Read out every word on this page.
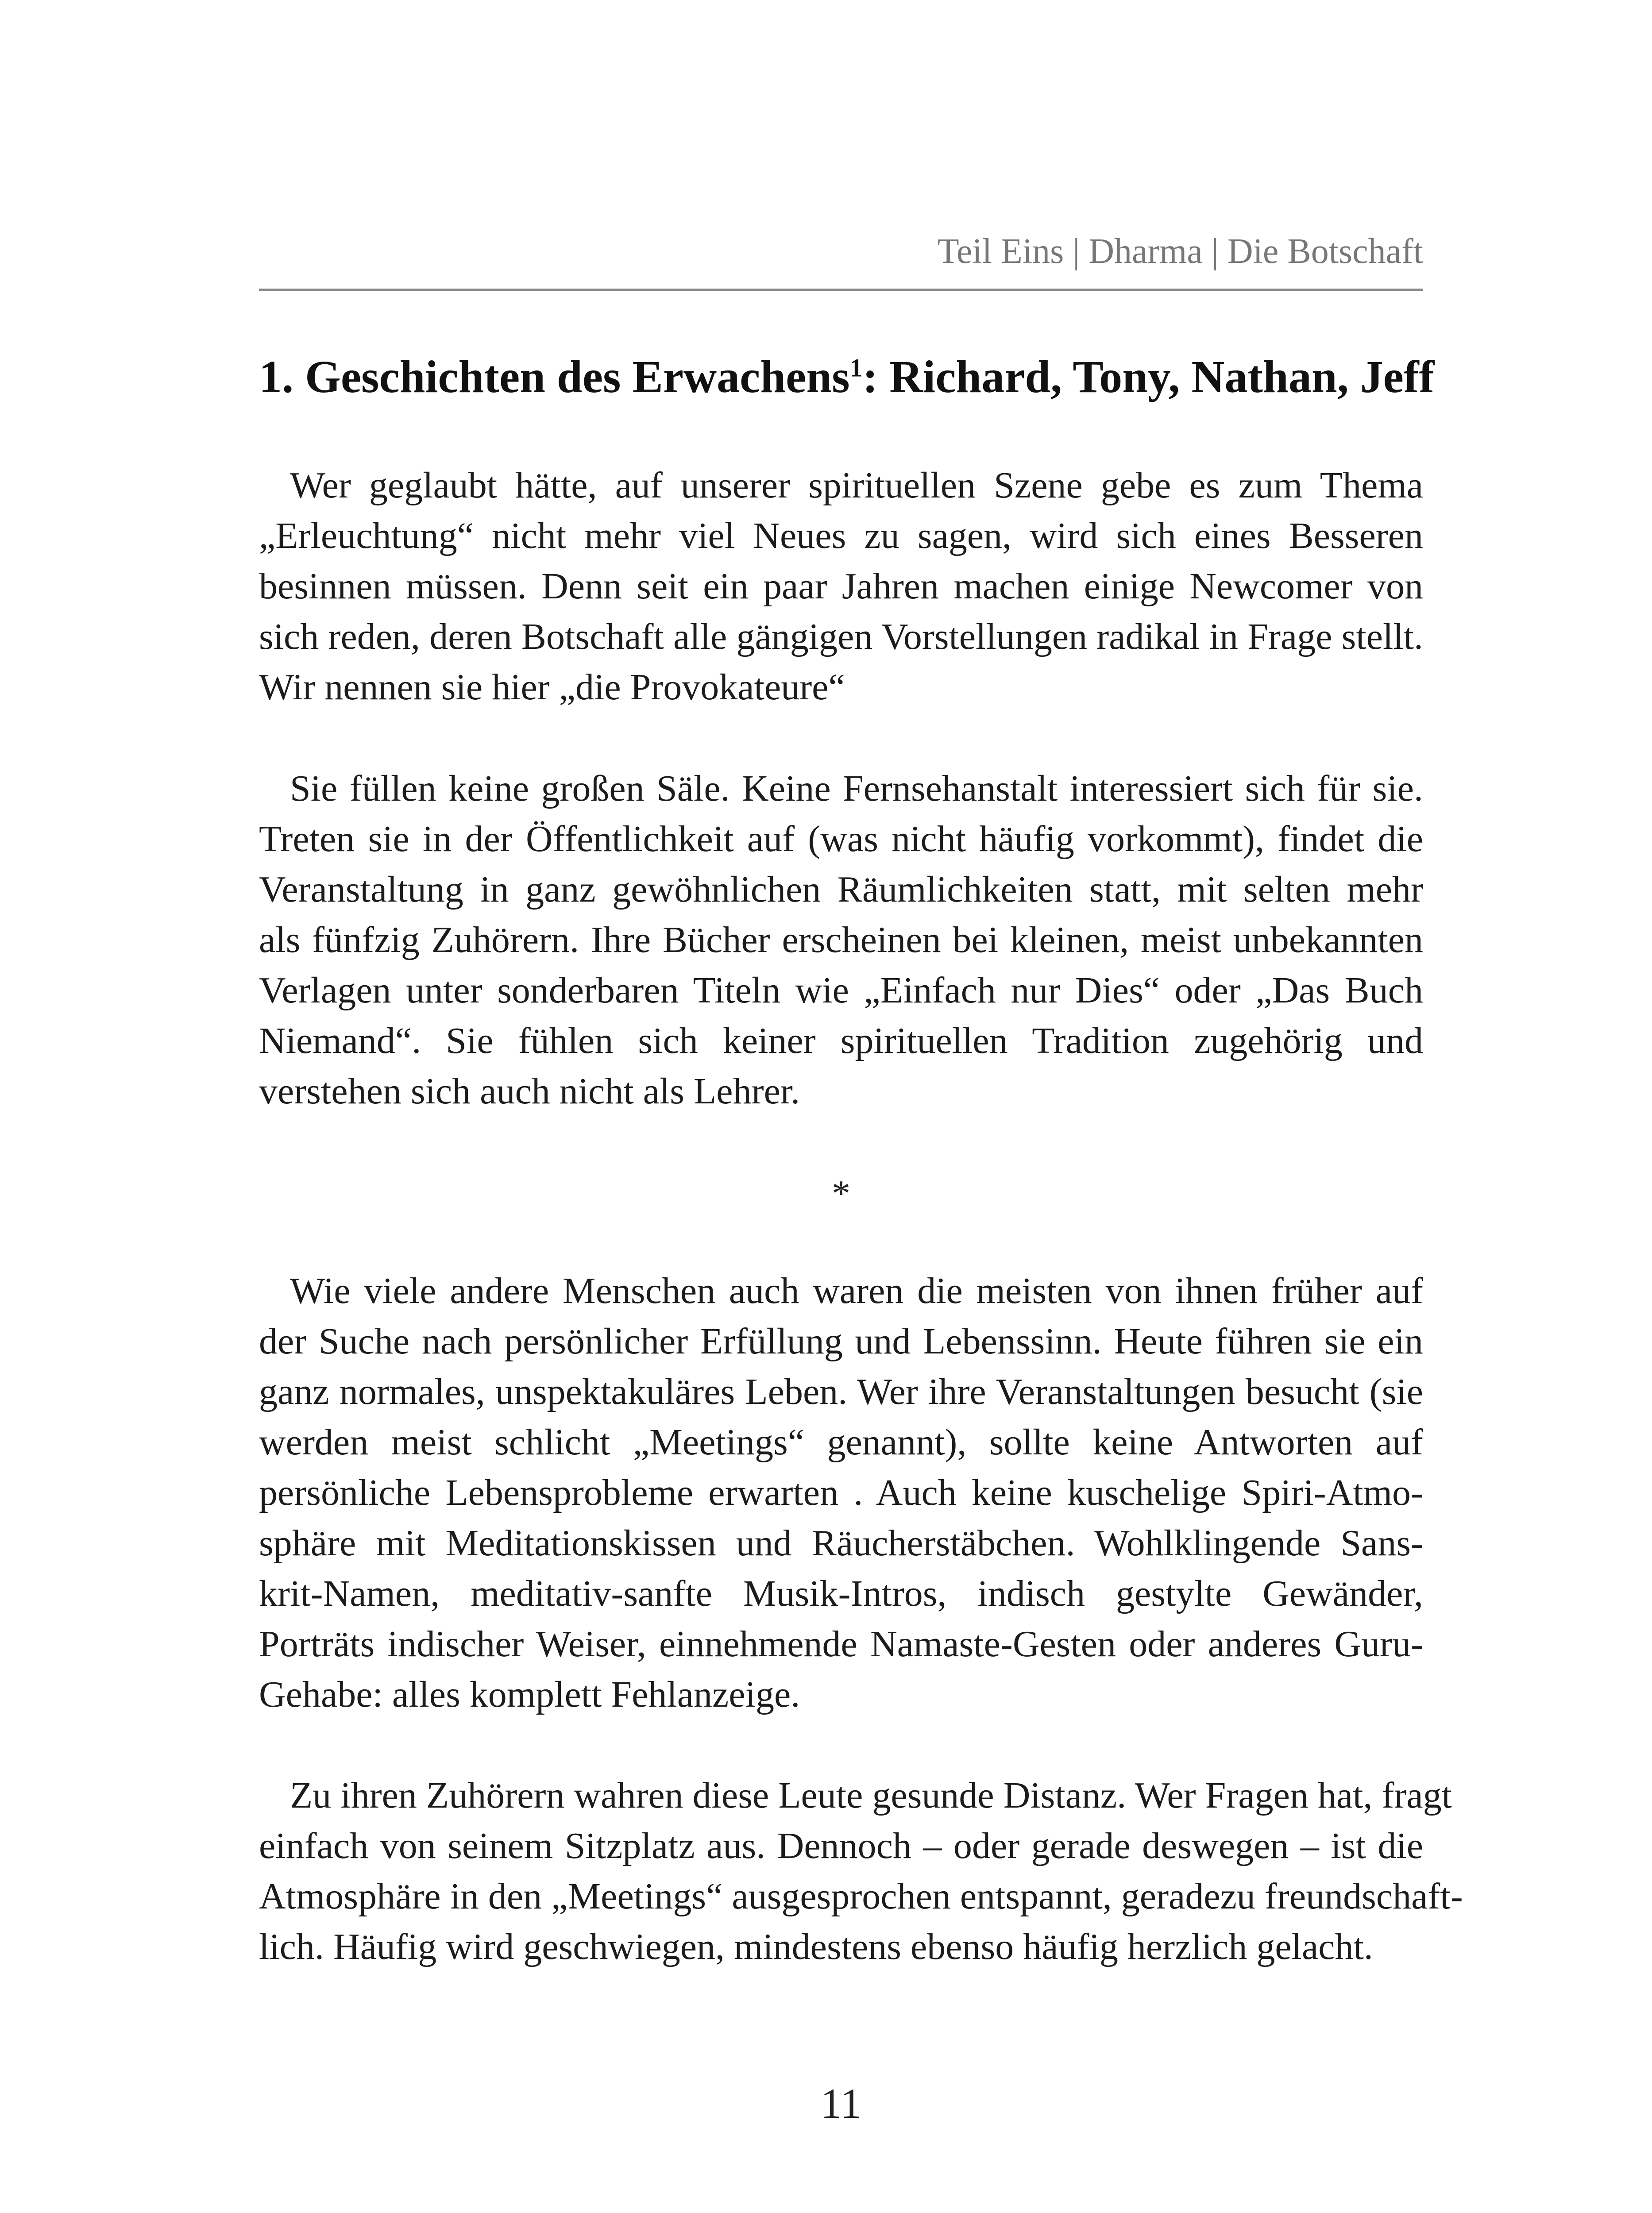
Teil Eins | Dharma | Die Botschaft
1. Geschichten des Erwachens$^1$: Richard, Tony, Nathan, Jeff

Wer geglaubt hätte, auf unserer spirituellen Szene gebe es zum Thema
„Erleuchtung“ nicht mehr viel Neues zu sagen, wird sich eines Besseren
besinnen müssen. Denn seit ein paar Jahren machen einige Newcomer von
sich reden, deren Botschaft alle gängigen Vorstellungen radikal in Frage stellt.
Wir nennen sie hier „die Provokateure“

Sie füllen keine großen Säle. Keine Fernsehanstalt interessiert sich für sie.
Treten sie in der Öffentlichkeit auf (was nicht häufig vorkommt), findet die
Veranstaltung in ganz gewöhnlichen Räumlichkeiten statt, mit selten mehr
als fünfzig Zuhörern. Ihre Bücher erscheinen bei kleinen, meist unbekannten
Verlagen unter sonderbaren Titeln wie „Einfach nur Dies“ oder „Das Buch
Niemand“. Sie fühlen sich keiner spirituellen Tradition zugehörig und
verstehen sich auch nicht als Lehrer.

*

Wie viele andere Menschen auch waren die meisten von ihnen früher auf
der Suche nach persönlicher Erfüllung und Lebenssinn. Heute führen sie ein
ganz normales, unspektakuläres Leben. Wer ihre Veranstaltungen besucht (sie
werden meist schlicht „Meetings“ genannt), sollte keine Antworten auf
persönliche Lebensprobleme erwarten . Auch keine kuschelige Spiri-Atmo-
sphäre mit Meditationskissen und Räucherstäbchen. Wohlklingende Sans-
krit-Namen, meditativ-sanfte Musik-Intros, indisch gestylte Gewänder,
Porträts indischer Weiser, einnehmende Namaste-Gesten oder anderes Guru-
Gehabe: alles komplett Fehlanzeige.

Zu ihren Zuhörern wahren diese Leute gesunde Distanz. Wer Fragen hat, fragt
einfach von seinem Sitzplatz aus. Dennoch – oder gerade deswegen – ist die
Atmosphäre in den „Meetings“ ausgesprochen entspannt, geradezu freundschaft-
lich. Häufig wird geschwiegen, mindestens ebenso häufig herzlich gelacht.

11
